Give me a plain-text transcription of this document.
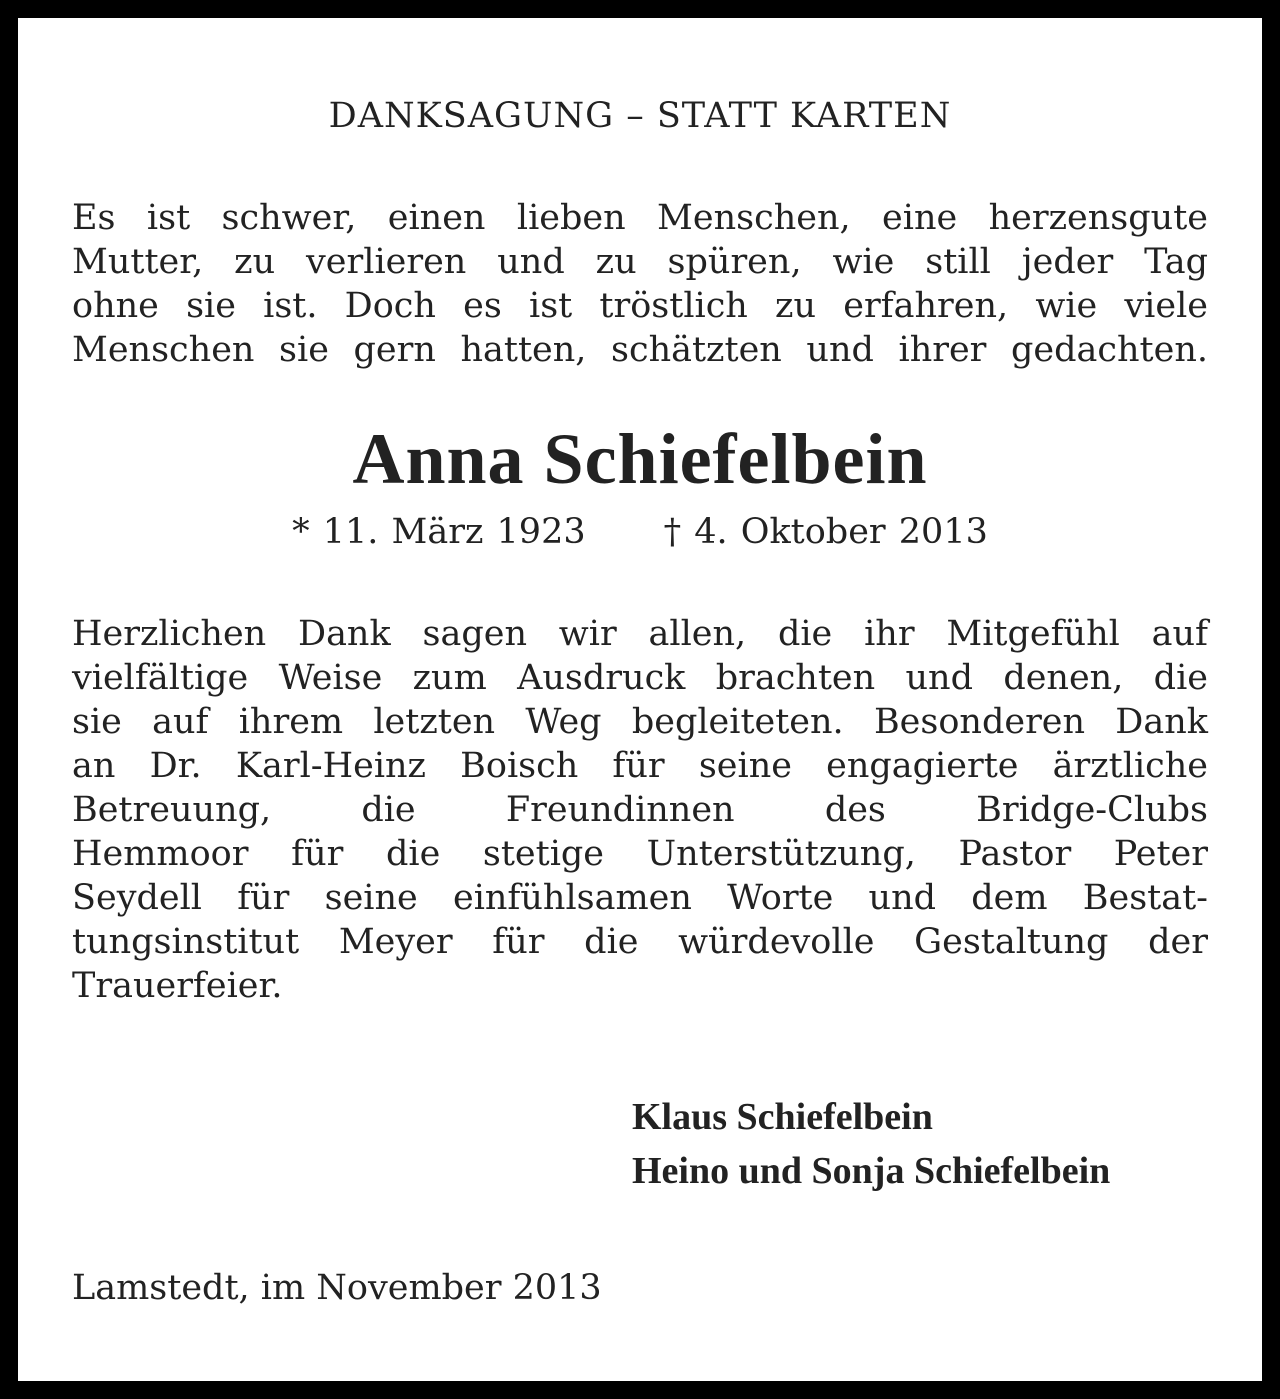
DANKSAGUNG – STATT KARTEN
Es ist schwer, einen lieben Menschen, eine herzensgute
Mutter, zu verlieren und zu spüren, wie still jeder Tag
ohne sie ist. Doch es ist tröstlich zu erfahren, wie viele
Menschen sie gern hatten, schätzten und ihrer gedachten.
Anna Schiefelbein
* 11. März 1923 † 4. Oktober 2013
Herzlichen Dank sagen wir allen, die ihr Mitgefühl auf
vielfältige Weise zum Ausdruck brachten und denen, die
sie auf ihrem letzten Weg begleiteten. Besonderen Dank
an Dr. Karl-Heinz Boisch für seine engagierte ärztliche
Betreuung, die Freundinnen des Bridge-Clubs
Hemmoor für die stetige Unterstützung, Pastor Peter
Seydell für seine einfühlsamen Worte und dem Bestat-
tungsinstitut Meyer für die würdevolle Gestaltung der
Trauerfeier.
Klaus Schiefelbein
Heino und Sonja Schiefelbein
Lamstedt, im November 2013
